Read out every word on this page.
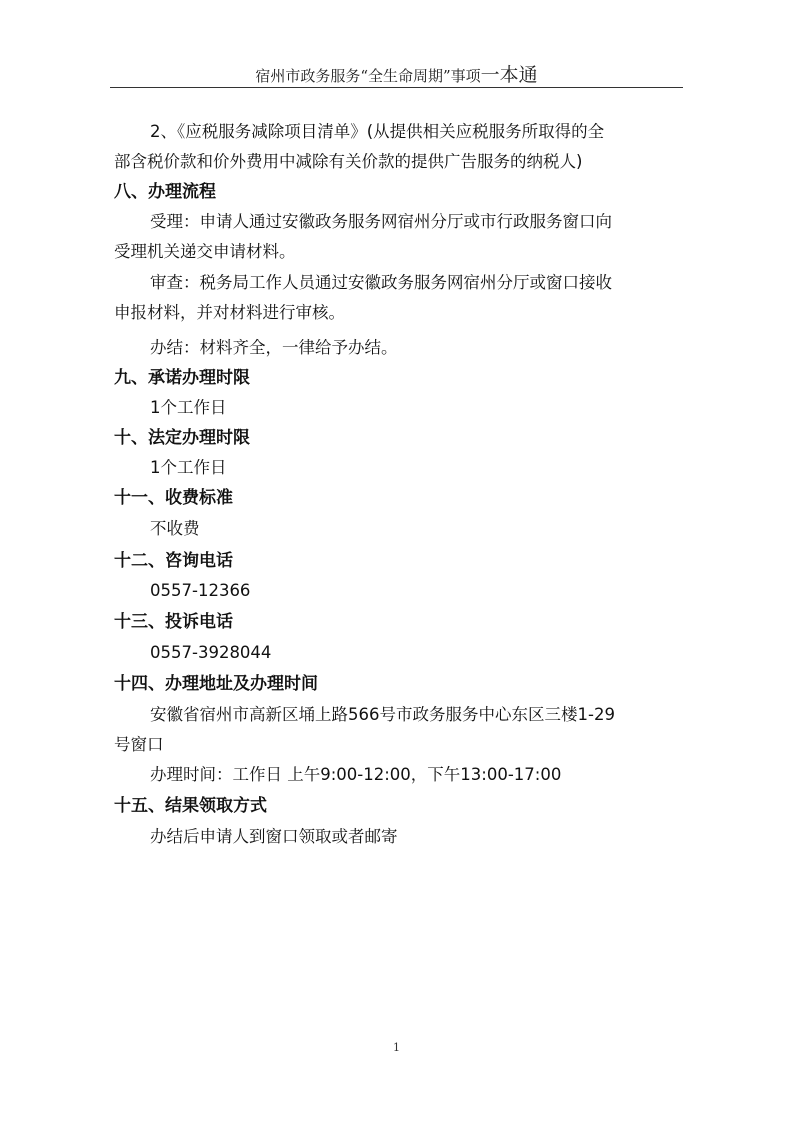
宿州市政务服务“全生命周期”事项一本通
2、《应税服务减除项目清单》(从提供相关应税服务所取得的全
部含税价款和价外费用中减除有关价款的提供广告服务的纳税人)
八、办理流程
受理：申请人通过安徽政务服务网宿州分厅或市行政服务窗口向
受理机关递交申请材料。
审查：税务局工作人员通过安徽政务服务网宿州分厅或窗口接收
申报材料，并对材料进行审核。
办结：材料齐全，一律给予办结。
九、承诺办理时限
1个工作日
十、法定办理时限
1个工作日
十一、收费标准
不收费
十二、咨询电话
0557-12366
十三、投诉电话
0557-3928044
十四、办理地址及办理时间
安徽省宿州市高新区埇上路566号市政务服务中心东区三楼1-29
号窗口
办理时间：工作日 上午9:00-12:00，下午13:00-17:00
十五、结果领取方式
办结后申请人到窗口领取或者邮寄
1
